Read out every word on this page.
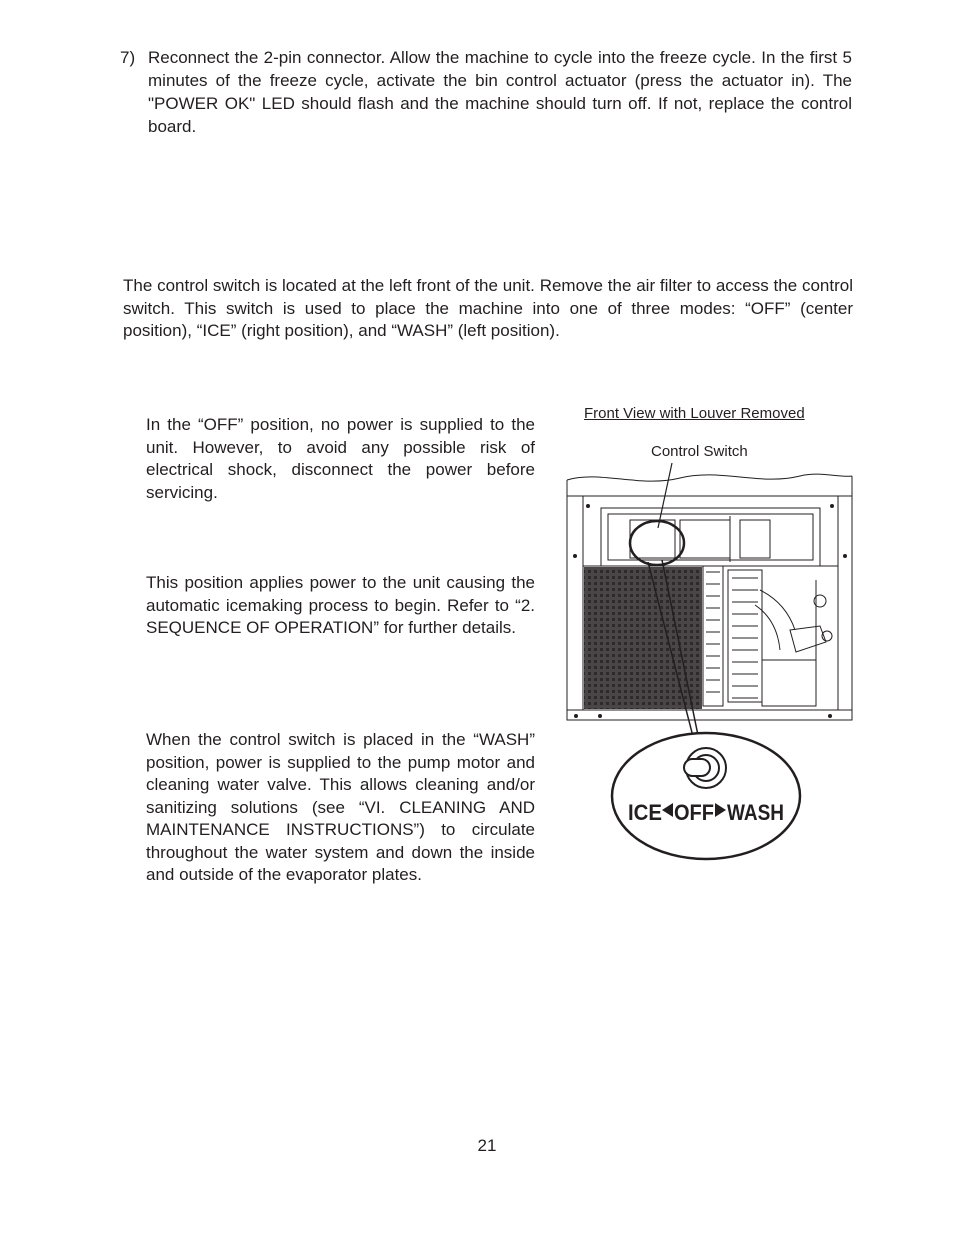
7) Reconnect the 2-pin connector. Allow the machine to cycle into the freeze cycle. In the first 5 minutes of the freeze cycle, activate the bin control actuator (press the actuator in). The "POWER OK" LED should flash and the machine should turn off. If not, replace the control board.
The control switch is located at the left front of the unit. Remove the air filter to access the control switch. This switch is used to place the machine into one of three modes: “OFF” (center position), “ICE” (right position), and “WASH” (left position).
In the “OFF” position, no power is supplied to the unit. However, to avoid any possible risk of electrical shock, disconnect the power before servicing.
This position applies power to the unit causing the automatic icemaking process to begin. Refer to “2. SEQUENCE OF OPERATION” for further details.
When the control switch is placed in the “WASH” position, power is supplied to the pump motor and cleaning water valve. This allows cleaning and/or sanitizing solutions (see “VI. CLEANING AND MAINTENANCE INSTRUCTIONS”) to circulate throughout the water system and down the inside and outside of the evaporator plates.
Front View with Louver Removed
Control Switch
ICE OFF WASH
21
